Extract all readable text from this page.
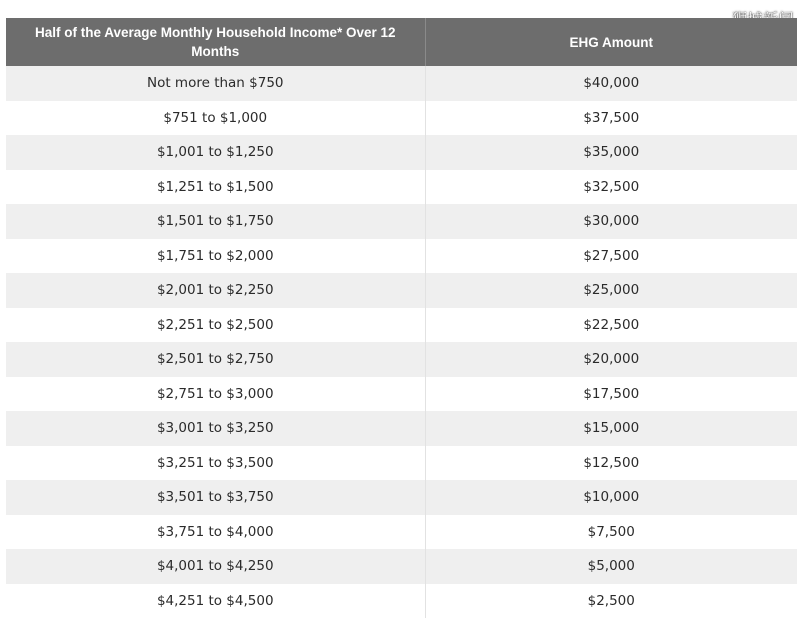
Half of the Average Monthly Household Income* Over 12 Months	EHG Amount
Not more than $750	$40,000
$751 to $1,000	$37,500
$1,001 to $1,250	$35,000
$1,251 to $1,500	$32,500
$1,501 to $1,750	$30,000
$1,751 to $2,000	$27,500
$2,001 to $2,250	$25,000
$2,251 to $2,500	$22,500
$2,501 to $2,750	$20,000
$2,751 to $3,000	$17,500
$3,001 to $3,250	$15,000
$3,251 to $3,500	$12,500
$3,501 to $3,750	$10,000
$3,751 to $4,000	$7,500
$4,001 to $4,250	$5,000
$4,251 to $4,500	$2,500
